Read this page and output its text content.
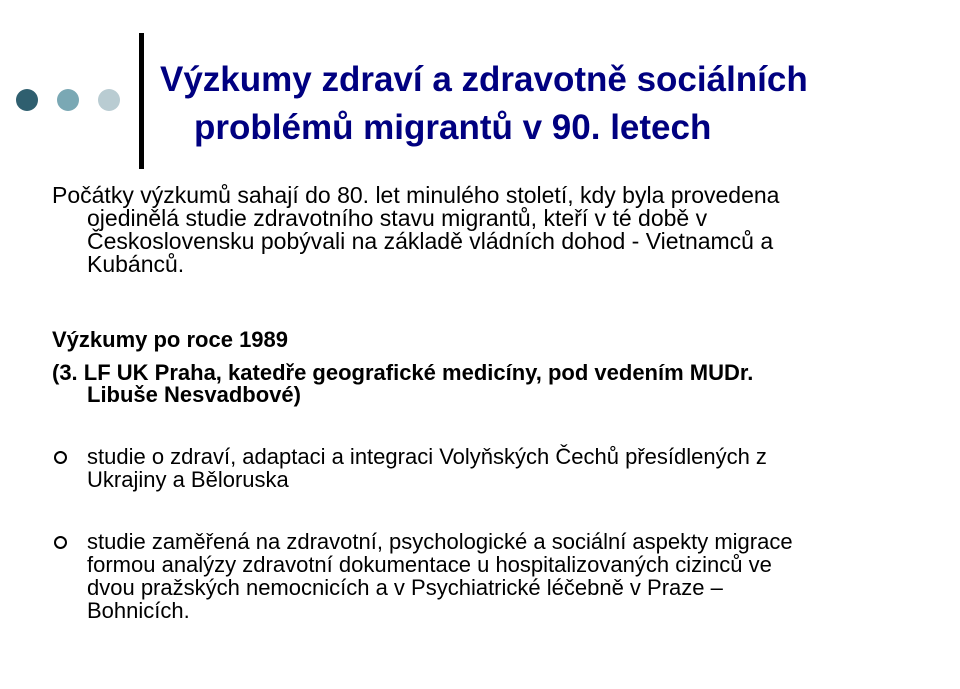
Výzkumy zdraví a zdravotně sociálních
problémů migrantů v 90. letech

Počátky výzkumů sahají do 80. let minulého století, kdy byla provedena
ojedinělá studie zdravotního stavu migrantů, kteří v té době v
Československu pobývali na základě vládních dohod - Vietnamců a
Kubánců.

Výzkumy po roce 1989
(3. LF UK Praha, katedře geografické medicíny, pod vedením MUDr.
Libuše Nesvadbové)
studie o zdraví, adaptaci a integraci Volyňských Čechů přesídlených z
Ukrajiny a Běloruska
studie zaměřená na zdravotní, psychologické a sociální aspekty migrace
formou analýzy zdravotní dokumentace u hospitalizovaných cizinců ve
dvou pražských nemocnicích a v Psychiatrické léčebně v Praze –
Bohnicích.
